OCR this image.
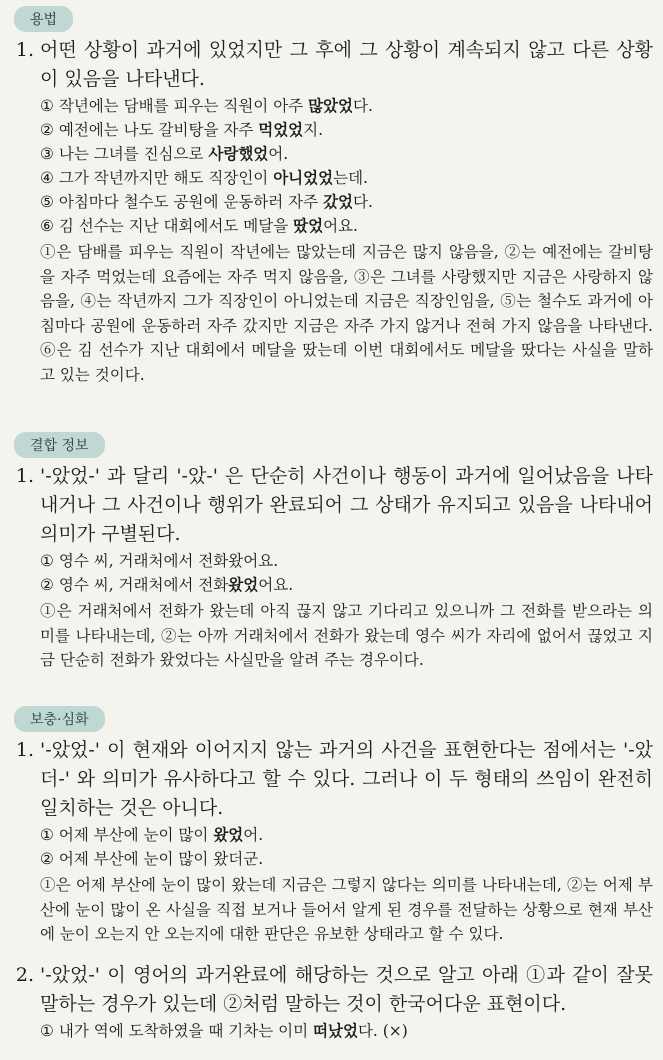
용법
1. 어떤 상황이 과거에 있었지만 그 후에 그 상황이 계속되지 않고 다른 상황이 있음을 나타낸다.
① 작년에는 담배를 피우는 직원이 아주 많았었다.
② 예전에는 나도 갈비탕을 자주 먹었었지.
③ 나는 그녀를 진심으로 사랑했었어.
④ 그가 작년까지만 해도 직장인이 아니었었는데.
⑤ 아침마다 철수도 공원에 운동하러 자주 갔었다.
⑥ 김 선수는 지난 대회에서도 메달을 땄었어요.
①은 담배를 피우는 직원이 작년에는 많았는데 지금은 많지 않음을, ②는 예전에는 갈비탕을 자주 먹었는데 요즘에는 자주 먹지 않음을, ③은 그녀를 사랑했지만 지금은 사랑하지 않음을, ④는 작년까지 그가 직장인이 아니었는데 지금은 직장인임을, ⑤는 철수도 과거에 아침마다 공원에 운동하러 자주 갔지만 지금은 자주 가지 않거나 전혀 가지 않음을 나타낸다. ⑥은 김 선수가 지난 대회에서 메달을 땄는데 이번 대회에서도 메달을 땄다는 사실을 말하고 있는 것이다.
결합 정보
1. '-았었-' 과 달리 '-았-' 은 단순히 사건이나 행동이 과거에 일어났음을 나타내거나 그 사건이나 행위가 완료되어 그 상태가 유지되고 있음을 나타내어 의미가 구별된다.
① 영수 씨, 거래처에서 전화왔어요.
② 영수 씨, 거래처에서 전화왔었어요.
①은 거래처에서 전화가 왔는데 아직 끊지 않고 기다리고 있으니까 그 전화를 받으라는 의미를 나타내는데, ②는 아까 거래처에서 전화가 왔는데 영수 씨가 자리에 없어서 끊었고 지금 단순히 전화가 왔었다는 사실만을 알려 주는 경우이다.
보충·심화
1. '-았었-' 이 현재와 이어지지 않는 과거의 사건을 표현한다는 점에서는 '-았더-' 와 의미가 유사하다고 할 수 있다. 그러나 이 두 형태의 쓰임이 완전히 일치하는 것은 아니다.
① 어제 부산에 눈이 많이 왔었어.
② 어제 부산에 눈이 많이 왔더군.
①은 어제 부산에 눈이 많이 왔는데 지금은 그렇지 않다는 의미를 나타내는데, ②는 어제 부산에 눈이 많이 온 사실을 직접 보거나 들어서 알게 된 경우를 전달하는 상황으로 현재 부산에 눈이 오는지 안 오는지에 대한 판단은 유보한 상태라고 할 수 있다.
2. '-았었-' 이 영어의 과거완료에 해당하는 것으로 알고 아래 ①과 같이 잘못 말하는 경우가 있는데 ②처럼 말하는 것이 한국어다운 표현이다.
① 내가 역에 도착하였을 때 기차는 이미 떠났었다. (×)
